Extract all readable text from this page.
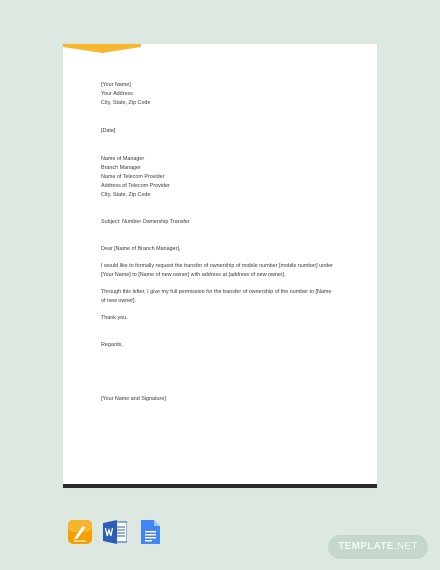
[Your Name]

Your Address

City, State, Zip Code

[Date]

Name of Manager

Branch Manager

Name of Telecom Provider

Address of Telecom Provider

City, State, Zip Code

Subject: Number Ownership Transfer

Dear [Name of Branch Manager],

I would like to formally request the transfer of ownership of mobile number [mobile number] under
[Your Name] to [Name of new owner] with address at [address of new owner].

Through this letter, I give my full permission for the transfer of ownership of the number to [Name
of new owner].

Thank you.

Regards,

[Your Name and Signature]

TEMPLATE.NET
